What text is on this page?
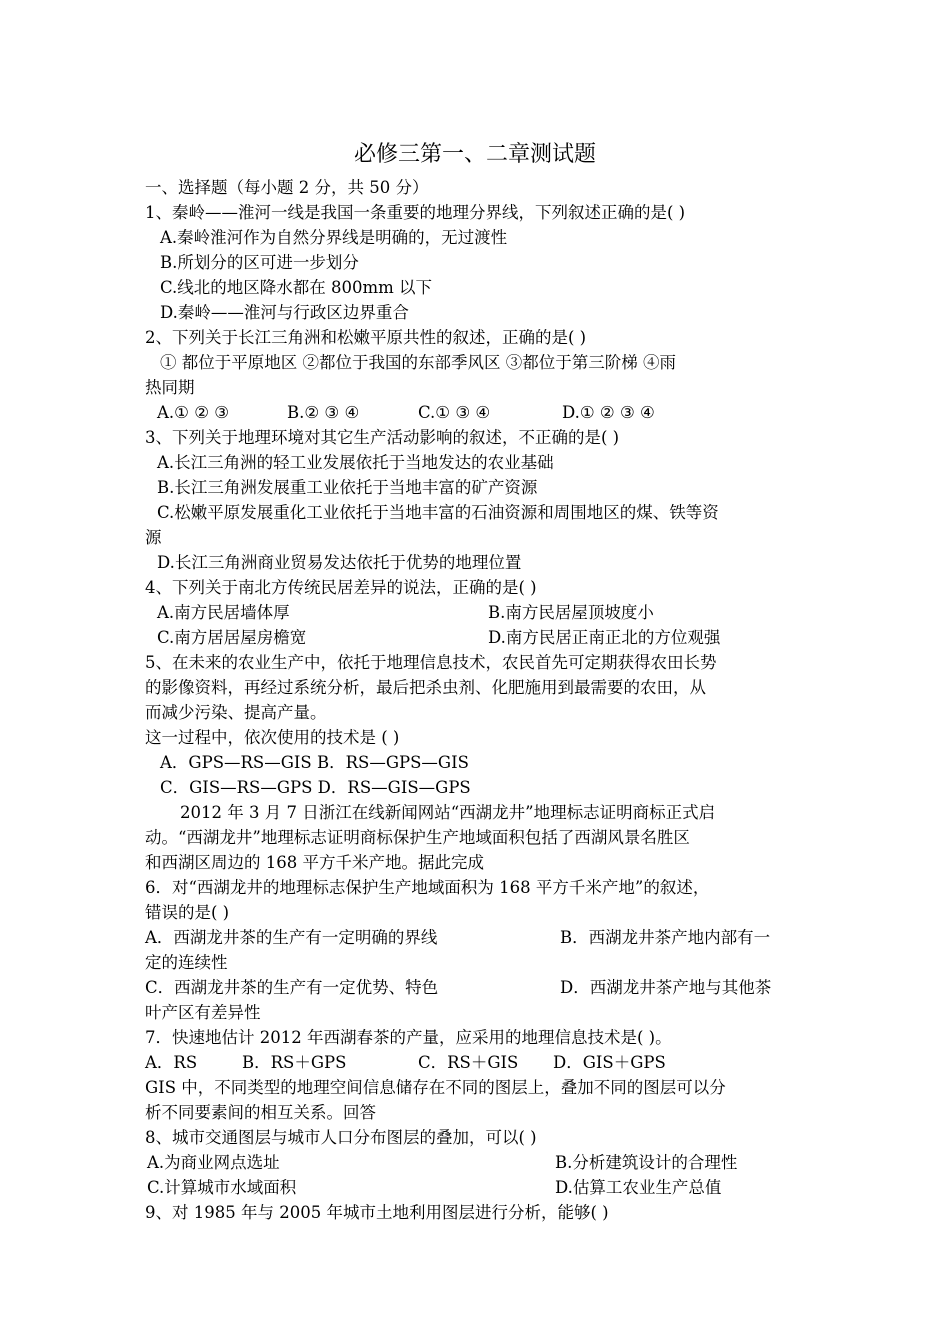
必修三第一、二章测试题
一、选择题（每小题 2 分，共 50 分）
1、秦岭——淮河一线是我国一条重要的地理分界线，下列叙述正确的是( )
A.秦岭淮河作为自然分界线是明确的，无过渡性
B.所划分的区可进一步划分
C.线北的地区降水都在 800mm 以下
D.秦岭——淮河与行政区边界重合
2、下列关于长江三角洲和松嫩平原共性的叙述，正确的是( )
① 都位于平原地区 ②都位于我国的东部季风区 ③都位于第三阶梯 ④雨
热同期
A.① ② ③	B.② ③ ④	C.① ③ ④	D.① ② ③ ④
3、下列关于地理环境对其它生产活动影响的叙述，不正确的是( )
A.长江三角洲的轻工业发展依托于当地发达的农业基础
B.长江三角洲发展重工业依托于当地丰富的矿产资源
C.松嫩平原发展重化工业依托于当地丰富的石油资源和周围地区的煤、铁等资
源
D.长江三角洲商业贸易发达依托于优势的地理位置
4、下列关于南北方传统民居差异的说法，正确的是( )
A.南方民居墙体厚	B.南方民居屋顶坡度小
C.南方居居屋房檐宽	D.南方民居正南正北的方位观强
5、在未来的农业生产中，依托于地理信息技术，农民首先可定期获得农田长势
的影像资料，再经过系统分析，最后把杀虫剂、化肥施用到最需要的农田，从
而减少污染、提高产量。
这一过程中，依次使用的技术是 ( )
A．GPS—RS—GIS B．RS—GPS—GIS
C．GIS—RS—GPS D．RS—GIS—GPS
2012 年 3 月 7 日浙江在线新闻网站“西湖龙井”地理标志证明商标正式启
动。“西湖龙井”地理标志证明商标保护生产地域面积包括了西湖风景名胜区
和西湖区周边的 168 平方千米产地。据此完成
6．对“西湖龙井的地理标志保护生产地域面积为 168 平方千米产地”的叙述，
错误的是( )
A．西湖龙井茶的生产有一定明确的界线	B．西湖龙井茶产地内部有一
定的连续性
C．西湖龙井茶的生产有一定优势、特色	D．西湖龙井茶产地与其他茶
叶产区有差异性
7．快速地估计 2012 年西湖春茶的产量，应采用的地理信息技术是( )。
A．RS	B．RS＋GPS	C．RS＋GIS D．GIS＋GPS
GIS 中，不同类型的地理空间信息储存在不同的图层上，叠加不同的图层可以分
析不同要素间的相互关系。回答
8、城市交通图层与城市人口分布图层的叠加，可以( )
A.为商业网点选址	B.分析建筑设计的合理性
C.计算城市水域面积	D.估算工农业生产总值
9、对 1985 年与 2005 年城市土地利用图层进行分析，能够( )
